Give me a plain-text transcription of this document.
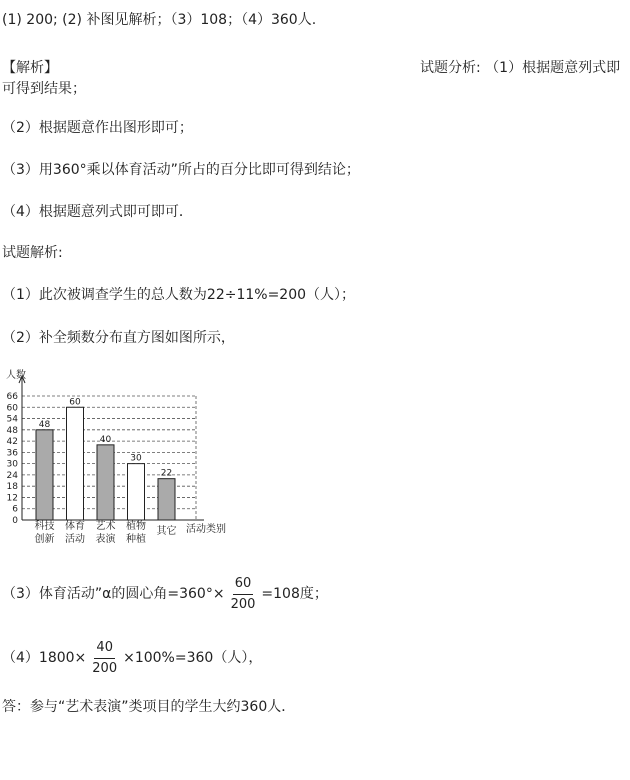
(1) 200; (2) 补图见解析；（3）108；（4）360人.
【解析】	试题分析: （1）根据题意列式即
可得到结果；
（2）根据题意作出图形即可；
（3）用360°乘以体育活动”所占的百分比即可得到结论；
（4）根据题意列式即可即可．
试题解析:
（1）此次被调查学生的总人数为22÷11%=200（人）；
（2）补全频数分布直方图如图所示，
0
6
12
18
24
30
36
42
48
54
60
66
人数
活动类别
48
科技
创新
60
体育
活动
40
艺术
表演
30
植物
种植
22
其它
（3）体育活动”α的圆心角$=360^\circ\times \frac{60}{200} =108$度；
$(4)1800\times \frac{40}{200} \times 100\%=360$（人），
答：参与“艺术表演”类项目的学生大约360人．
